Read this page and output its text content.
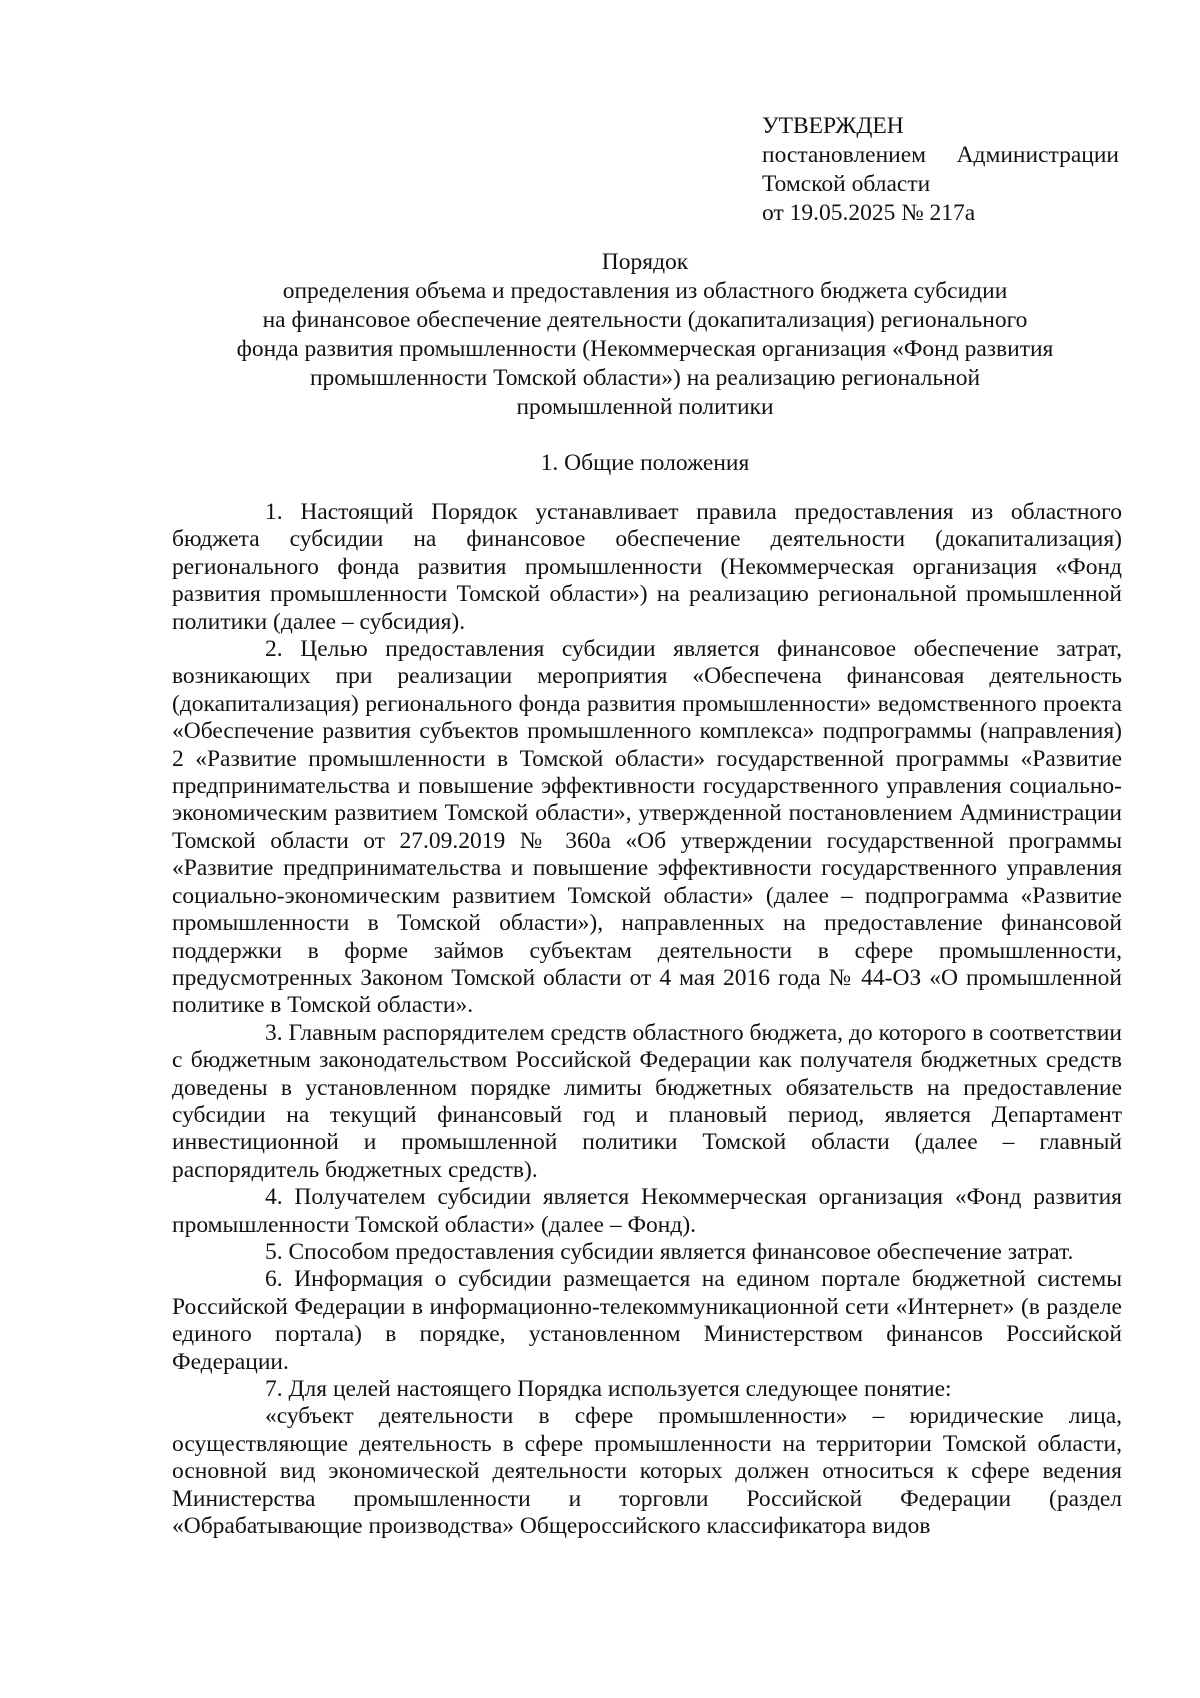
УТВЕРЖДЕН
постановлением Администрации
Томской области
от 19.05.2025 № 217а
Порядок
определения объема и предоставления из областного бюджета субсидии
на финансовое обеспечение деятельности (докапитализация) регионального
фонда развития промышленности (Некоммерческая организация «Фонд развития
промышленности Томской области») на реализацию региональной
промышленной политики
1. Общие положения

1. Настоящий Порядок устанавливает правила предоставления из областного бюджета субсидии на финансовое обеспечение деятельности (докапитализация) регионального фонда развития промышленности (Некоммерческая организация «Фонд развития промышленности Томской области») на реализацию региональной промышленной политики (далее – субсидия).

2. Целью предоставления субсидии является финансовое обеспечение затрат, возникающих при реализации мероприятия «Обеспечена финансовая деятельность (докапитализация) регионального фонда развития промышленности» ведомственного проекта «Обеспечение развития субъектов промышленного комплекса» подпрограммы (направления) 2 «Развитие промышленности в Томской области» государственной программы «Развитие предпринимательства и повышение эффективности государственного управления социально-экономическим развитием Томской области», утвержденной постановлением Администрации Томской области от 27.09.2019 № 360а «Об утверждении государственной программы «Развитие предпринимательства и повышение эффективности государственного управления социально-экономическим развитием Томской области» (далее – подпрограмма «Развитие промышленности в Томской области»), направленных на предоставление финансовой поддержки в форме займов субъектам деятельности в сфере промышленности, предусмотренных Законом Томской области от 4 мая 2016 года № 44-ОЗ «О промышленной политике в Томской области».

3. Главным распорядителем средств областного бюджета, до которого в соответствии с бюджетным законодательством Российской Федерации как получателя бюджетных средств доведены в установленном порядке лимиты бюджетных обязательств на предоставление субсидии на текущий финансовый год и плановый период, является Департамент инвестиционной и промышленной политики Томской области (далее – главный распорядитель бюджетных средств).

4. Получателем субсидии является Некоммерческая организация «Фонд развития промышленности Томской области» (далее – Фонд).

5. Способом предоставления субсидии является финансовое обеспечение затрат.

6. Информация о субсидии размещается на едином портале бюджетной системы Российской Федерации в информационно-телекоммуникационной сети «Интернет» (в разделе единого портала) в порядке, установленном Министерством финансов Российской Федерации.

7. Для целей настоящего Порядка используется следующее понятие:

«субъект деятельности в сфере промышленности» – юридические лица, осуществляющие деятельность в сфере промышленности на территории Томской области, основной вид экономической деятельности которых должен относиться к сфере ведения Министерства промышленности и торговли Российской Федерации (раздел «Обрабатывающие производства» Общероссийского классификатора видов
